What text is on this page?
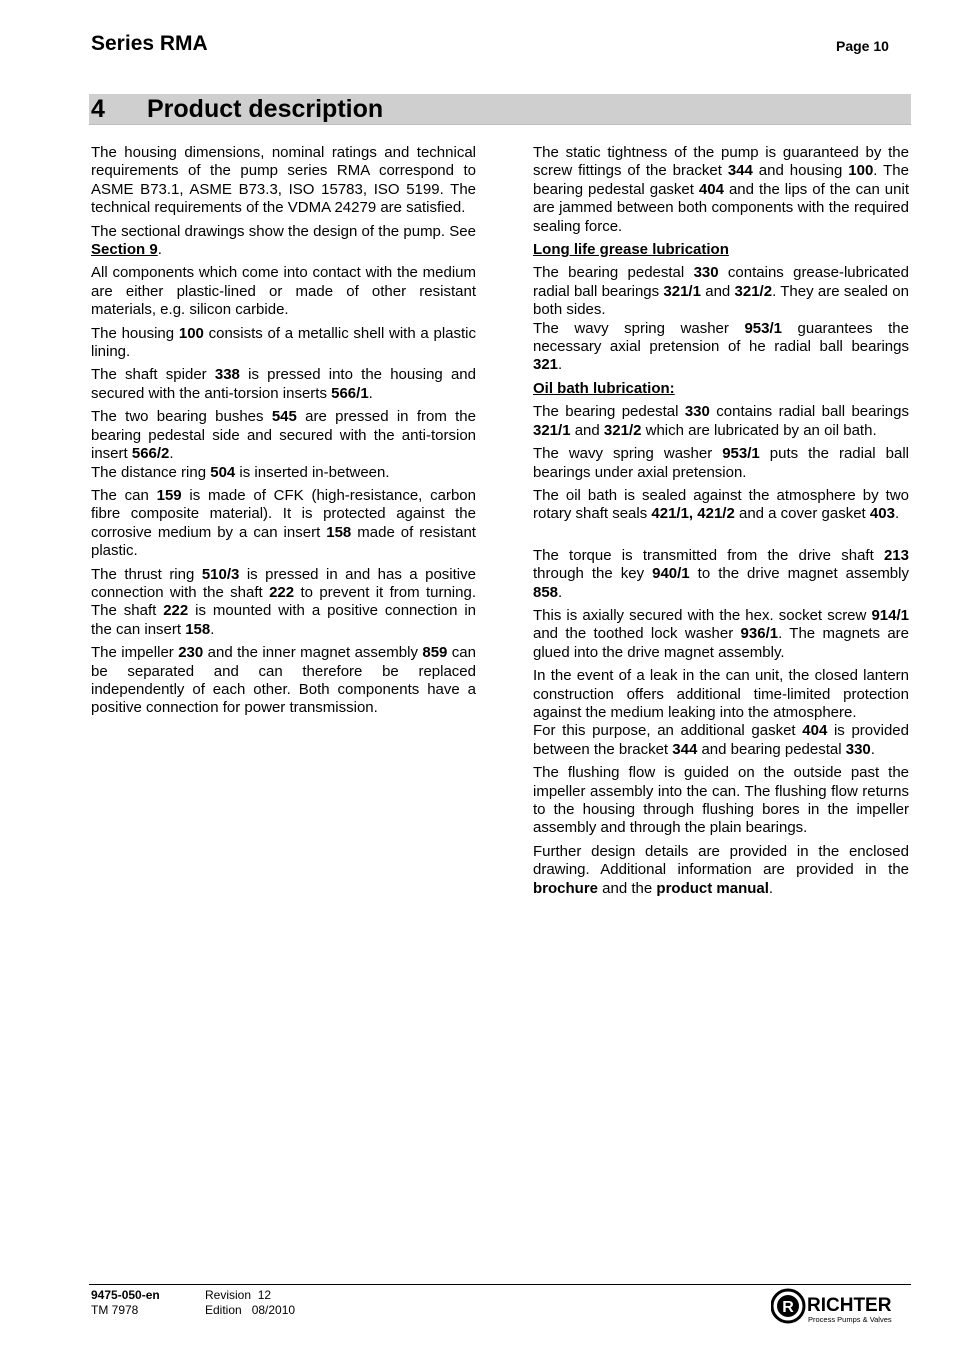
Series RMA	Page 10
4 Product description

The housing dimensions, nominal ratings and technical requirements of the pump series RMA correspond to ASME B73.1, ASME B73.3, ISO 15783, ISO 5199. The technical requirements of the VDMA 24279 are satisfied.

The sectional drawings show the design of the pump. See Section 9.

All components which come into contact with the medium are either plastic-lined or made of other resistant materials, e.g. silicon carbide.

The housing 100 consists of a metallic shell with a plastic lining.

The shaft spider 338 is pressed into the housing and secured with the anti-torsion inserts 566/1.

The two bearing bushes 545 are pressed in from the bearing pedestal side and secured with the anti-torsion insert 566/2.

The distance ring 504 is inserted in-between.

The can 159 is made of CFK (high-resistance, carbon fibre composite material). It is protected against the corrosive medium by a can insert 158 made of resistant plastic.

The thrust ring 510/3 is pressed in and has a positive connection with the shaft 222 to prevent it from turning. The shaft 222 is mounted with a positive connection in the can insert 158.

The impeller 230 and the inner magnet assembly 859 can be separated and can therefore be replaced independently of each other. Both components have a positive connection for power transmission.

The static tightness of the pump is guaranteed by the screw fittings of the bracket 344 and housing 100. The bearing pedestal gasket 404 and the lips of the can unit are jammed between both components with the required sealing force.

Long life grease lubrication

The bearing pedestal 330 contains grease-lubricated radial ball bearings 321/1 and 321/2. They are sealed on both sides.

The wavy spring washer 953/1 guarantees the necessary axial pretension of he radial ball bearings 321.

Oil bath lubrication:

The bearing pedestal 330 contains radial ball bearings 321/1 and 321/2 which are lubricated by an oil bath.

The wavy spring washer 953/1 puts the radial ball bearings under axial pretension.

The oil bath is sealed against the atmosphere by two rotary shaft seals 421/1, 421/2 and a cover gasket 403.

The torque is transmitted from the drive shaft 213 through the key 940/1 to the drive magnet assembly 858.

This is axially secured with the hex. socket screw 914/1 and the toothed lock washer 936/1. The magnets are glued into the drive magnet assembly.

In the event of a leak in the can unit, the closed lantern construction offers additional time-limited protection against the medium leaking into the atmosphere.

For this purpose, an additional gasket 404 is provided between the bracket 344 and bearing pedestal 330.

The flushing flow is guided on the outside past the impeller assembly into the can. The flushing flow returns to the housing through flushing bores in the impeller assembly and through the plain bearings.

Further design details are provided in the enclosed drawing. Additional information are provided in the brochure and the product manual.

9475-050-en
TM 7978
Revision  12
Edition   08/2010	R RICHTER
Process Pumps & Valves
